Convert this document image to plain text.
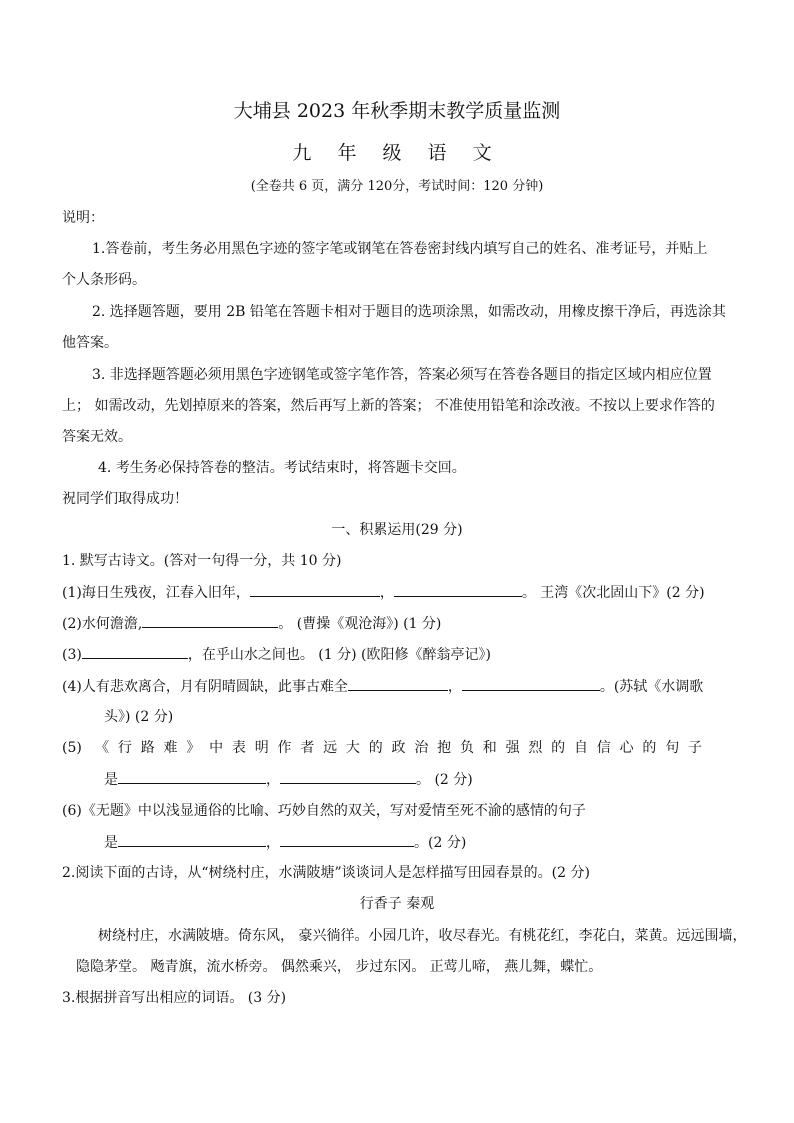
大埔县 2023 年秋季期末教学质量监测
九 年 级 语 文
(全卷共 6 页，满分 120分，考试时间：120 分钟)
说明：
1.答卷前，考生务必用黑色字迹的签字笔或钢笔在答卷密封线内填写自己的姓名、准考证号，并贴上
个人条形码。
2. 选择题答题，要用 2B 铅笔在答题卡相对于题目的选项涂黑，如需改动，用橡皮擦干净后，再选涂其
他答案。
3. 非选择题答题必须用黑色字迹钢笔或签字笔作答，答案必须写在答卷各题目的指定区域内相应位置
上； 如需改动，先划掉原来的答案，然后再写上新的答案； 不准使用铅笔和涂改液。不按以上要求作答的
答案无效。
4. 考生务必保持答卷的整洁。考试结束时，将答题卡交回。
祝同学们取得成功！
一、积累运用(29 分)
1. 默写古诗文。(答对一句得一分，共 10 分)
(1)海日生残夜，江春入旧年，	，	。 王湾《次北固山下》(2 分)
(2)水何澹澹,	。 (曹操《观沧海》) (1 分)
(3)	，在乎山水之间也。 (1 分) (欧阳修《醉翁亭记》)
(4)人有悲欢离合，月有阴晴圆缺，此事古难全	，	。(苏轼《水调歌
头》) (2 分)
(5) 《行路难》中表明作者远大的政治抱负和强烈的自信心的句子
是	，	。 (2 分)
(6)《无题》中以浅显通俗的比喻、巧妙自然的双关，写对爱情至死不渝的感情的句子
是	，	。(2 分)
2.阅读下面的古诗，从“树绕村庄，水满陂塘”谈谈词人是怎样描写田园春景的。(2 分)
行香子 秦观
树绕村庄，水满陂塘。倚东风， 豪兴徜徉。小园几许，收尽春光。有桃花红，李花白，菜黄。远远围墙，
隐隐茅堂。 飏青旗，流水桥旁。 偶然乘兴， 步过东冈。 正莺儿啼， 燕儿舞，蝶忙。
3.根据拼音写出相应的词语。 (3 分)
